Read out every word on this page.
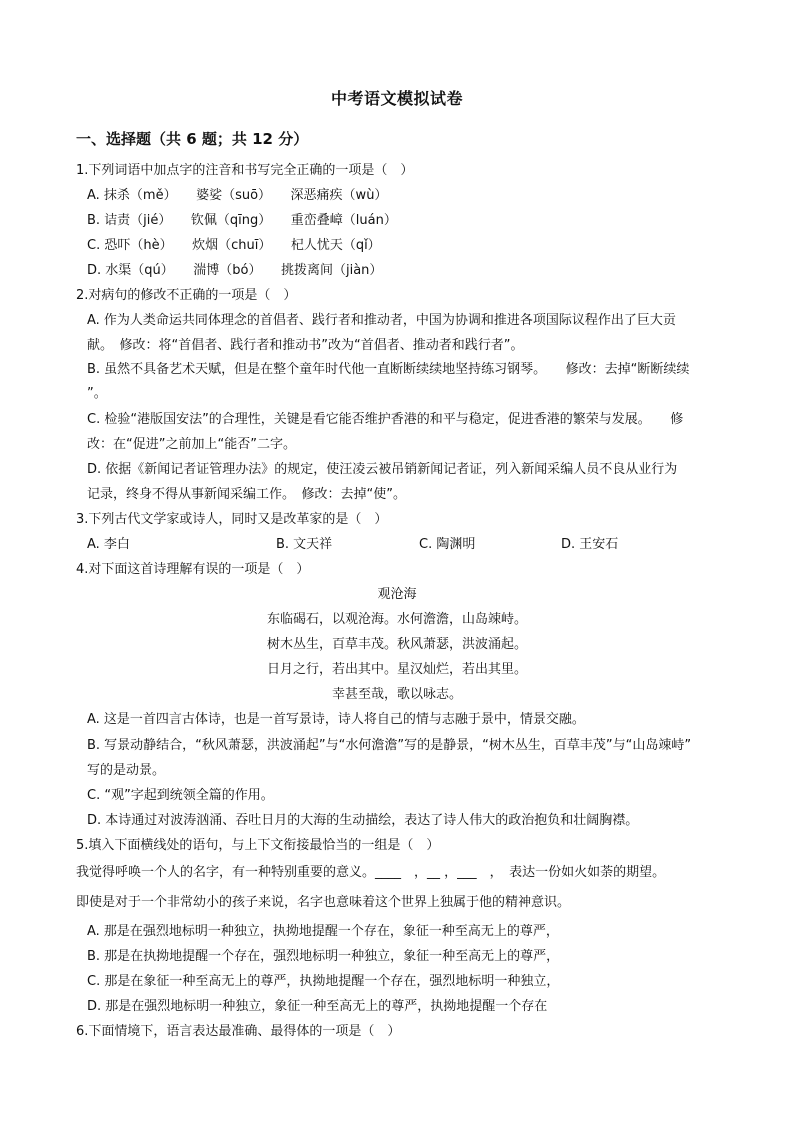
中考语文模拟试卷
一、选择题（共 6 题；共 12 分）
1.下列词语中加点字的注音和书写完全正确的一项是（　）
A. 抹杀（mě）　　婆娑（suō）　　深恶痛疾（wù）
B. 诘责（jié）　　钦佩（qīng）　　重峦叠嶂（luán）
C. 恐吓（hè）　　炊烟（chuī）　　杞人忧天（qǐ）
D. 水渠（qú）　　湍博（bó）　　挑拨离间（jiàn）
2.对病句的修改不正确的一项是（　）
A. 作为人类命运共同体理念的首倡者、践行者和推动者，中国为协调和推进各项国际议程作出了巨大贡
献。　修改：将“首倡者、践行者和推动书”改为“首倡者、推动者和践行者”。
B. 虽然不具备艺术天赋，但是在整个童年时代他一直断断续续地坚持练习钢琴。　　修改：去掉“断断续续
”。
C. 检验“港版国安法”的合理性，关键是看它能否维护香港的和平与稳定，促进香港的繁荣与发展。　　修
改：在“促进”之前加上“能否”二字。
D. 依据《新闻记者证管理办法》的规定，使汪凌云被吊销新闻记者证，列入新闻采编人员不良从业行为
记录，终身不得从事新闻采编工作。　修改：去掉“使”。
3.下列古代文学家或诗人，同时又是改革家的是（　）
A. 李白	B. 文天祥	C. 陶渊明	D. 王安石
4.对下面这首诗理解有误的一项是（　）
观沧海
东临碣石，以观沧海。水何澹澹，山岛竦峙。
树木丛生，百草丰茂。秋风萧瑟，洪波涌起。
日月之行，若出其中。星汉灿烂，若出其里。
幸甚至哉，歌以咏志。
A. 这是一首四言古体诗，也是一首写景诗，诗人将自己的情与志融于景中，情景交融。
B. 写景动静结合，“秋风萧瑟，洪波涌起”与“水何澹澹”写的是静景，“树木丛生，百草丰茂”与“山岛竦峙”
写的是动景。
C. “观”字起到统领全篇的作用。
D. 本诗通过对波涛汹涌、吞吐日月的大海的生动描绘，表达了诗人伟大的政治抱负和壮阔胸襟。
5.填入下面横线处的语句，与上下文衔接最恰当的一组是（　）
我觉得呼唤一个人的名字，有一种特别重要的意义。____　，__ ，___　，　表达一份如火如荼的期望。
即使是对于一个非常幼小的孩子来说，名字也意味着这个世界上独属于他的精神意识。
A. 那是在强烈地标明一种独立，执拗地提醒一个存在，象征一种至高无上的尊严，
B. 那是在执拗地提醒一个存在，强烈地标明一种独立，象征一种至高无上的尊严，
C. 那是在象征一种至高无上的尊严，执拗地提醒一个存在，强烈地标明一种独立，
D. 那是在强烈地标明一种独立，象征一种至高无上的尊严，执拗地提醒一个存在
6.下面情境下，语言表达最准确、最得体的一项是（　）
